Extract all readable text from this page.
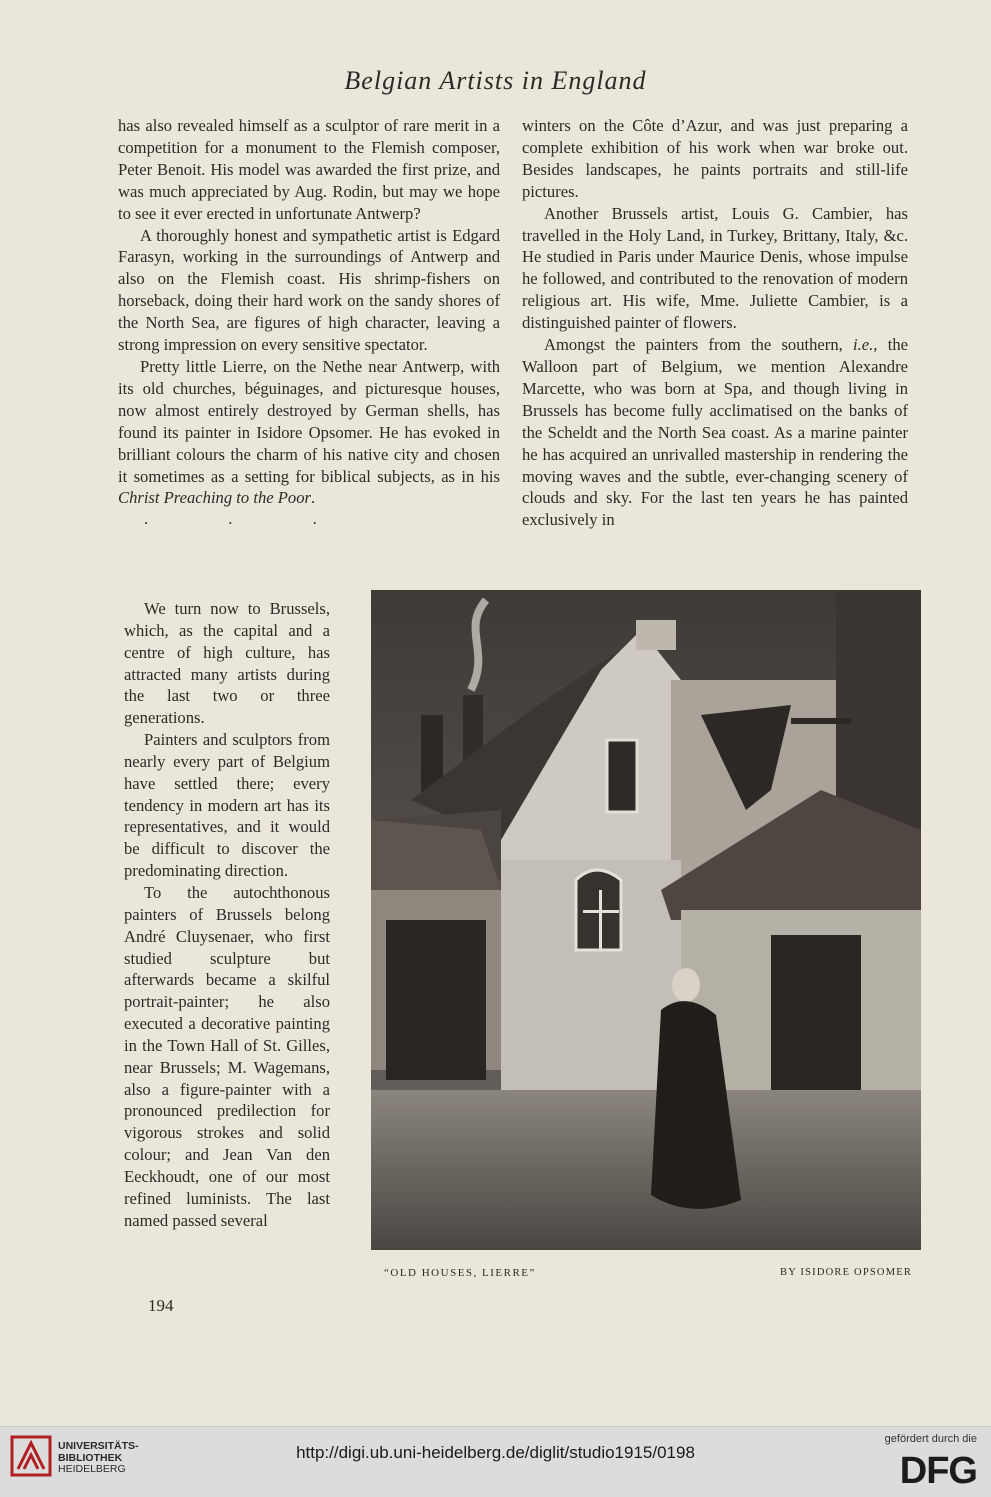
Belgian Artists in England

has also revealed himself as a sculptor of rare merit in a competition for a monument to the Flemish composer, Peter Benoit. His model was awarded the first prize, and was much appreciated by Aug. Rodin, but may we hope to see it ever erected in unfortunate Antwerp?

A thoroughly honest and sympathetic artist is Edgard Farasyn, working in the surroundings of Antwerp and also on the Flemish coast. His shrimp-fishers on horseback, doing their hard work on the sandy shores of the North Sea, are figures of high character, leaving a strong impression on every sensitive spectator.

Pretty little Lierre, on the Nethe near Antwerp, with its old churches, béguinages, and picturesque houses, now almost entirely destroyed by German shells, has found its painter in Isidore Opsomer. He has evoked in brilliant colours the charm of his native city and chosen it sometimes as a setting for biblical subjects, as in his Christ Preaching to the Poor.

. . .

winters on the Côte d’Azur, and was just preparing a complete exhibition of his work when war broke out. Besides landscapes, he paints portraits and still-life pictures.

Another Brussels artist, Louis G. Cambier, has travelled in the Holy Land, in Turkey, Brittany, Italy, &c. He studied in Paris under Maurice Denis, whose impulse he followed, and contributed to the renovation of modern religious art. His wife, Mme. Juliette Cambier, is a distinguished painter of flowers.

Amongst the painters from the southern, i.e., the Walloon part of Belgium, we mention Alexandre Marcette, who was born at Spa, and though living in Brussels has become fully acclimatised on the banks of the Scheldt and the North Sea coast. As a marine painter he has acquired an unrivalled mastership in rendering the moving waves and the subtle, ever-changing scenery of clouds and sky. For the last ten years he has painted exclusively in

We turn now to Brussels, which, as the capital and a centre of high culture, has attracted many artists during the last two or three generations.

Painters and sculptors from nearly every part of Belgium have settled there; every tendency in modern art has its representatives, and it would be difficult to discover the predominating direction.

To the autochthonous painters of Brussels belong André Cluysenaer, who first studied sculpture but afterwards became a skilful portrait-painter; he also executed a decorative painting in the Town Hall of St. Gilles, near Brussels; M. Wagemans, also a figure-painter with a pronounced predilection for vigorous strokes and solid colour; and Jean Van den Eeckhoudt, one of our most refined luminists. The last named passed several

“OLD HOUSES, LIERRE”	BY ISIDORE OPSOMER
194
UNIVERSITÄTS-
BIBLIOTHEK
HEIDELBERG
http://digi.ub.uni-heidelberg.de/diglit/studio1915/0198
gefördert durch die
DFG
